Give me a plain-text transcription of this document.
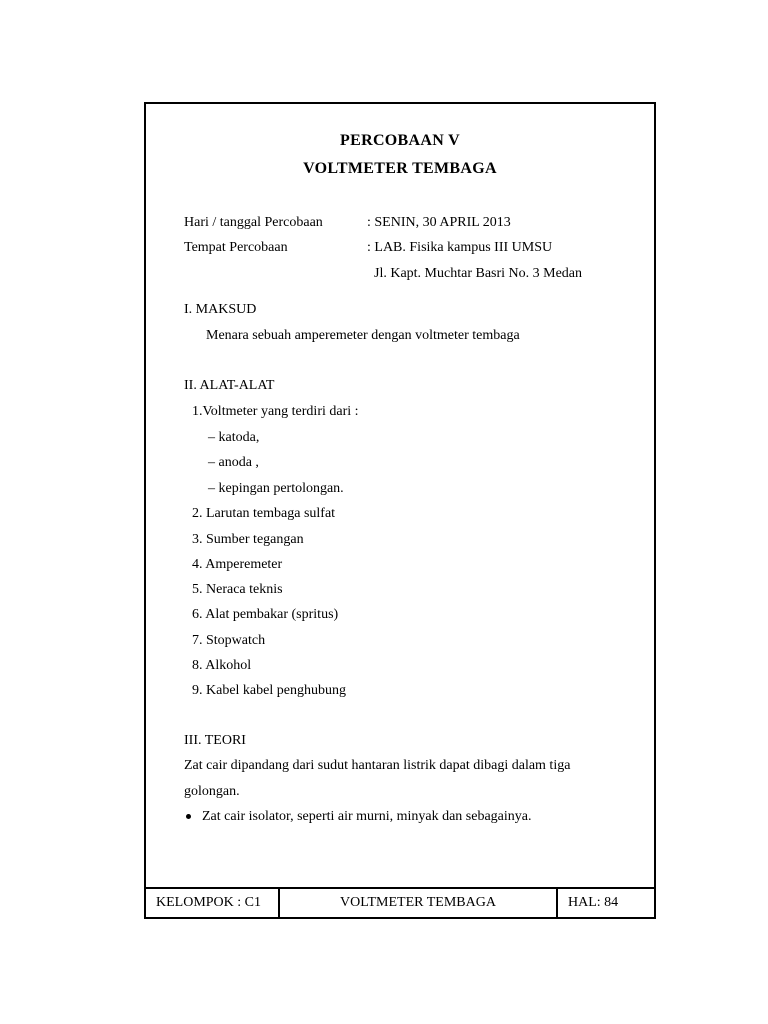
PERCOBAAN V
VOLTMETER TEMBAGA
Hari / tanggal Percobaan	: SENIN, 30 APRIL 2013
Tempat Percobaan	: LAB. Fisika kampus III UMSU
Jl. Kapt. Muchtar Basri No. 3 Medan
I. MAKSUD
Menara sebuah amperemeter dengan voltmeter tembaga
II. ALAT-ALAT
1.Voltmeter yang terdiri dari :
– katoda,
– anoda ,
– kepingan pertolongan.
2. Larutan tembaga sulfat
3. Sumber tegangan
4. Amperemeter
5. Neraca teknis
6. Alat pembakar (spritus)
7. Stopwatch
8. Alkohol
9. Kabel kabel penghubung
III. TEORI
Zat cair dipandang dari sudut hantaran listrik dapat dibagi dalam tiga
golongan.
Zat cair isolator, seperti air murni, minyak dan sebagainya.
KELOMPOK : C1	VOLTMETER TEMBAGA	HAL: 84
